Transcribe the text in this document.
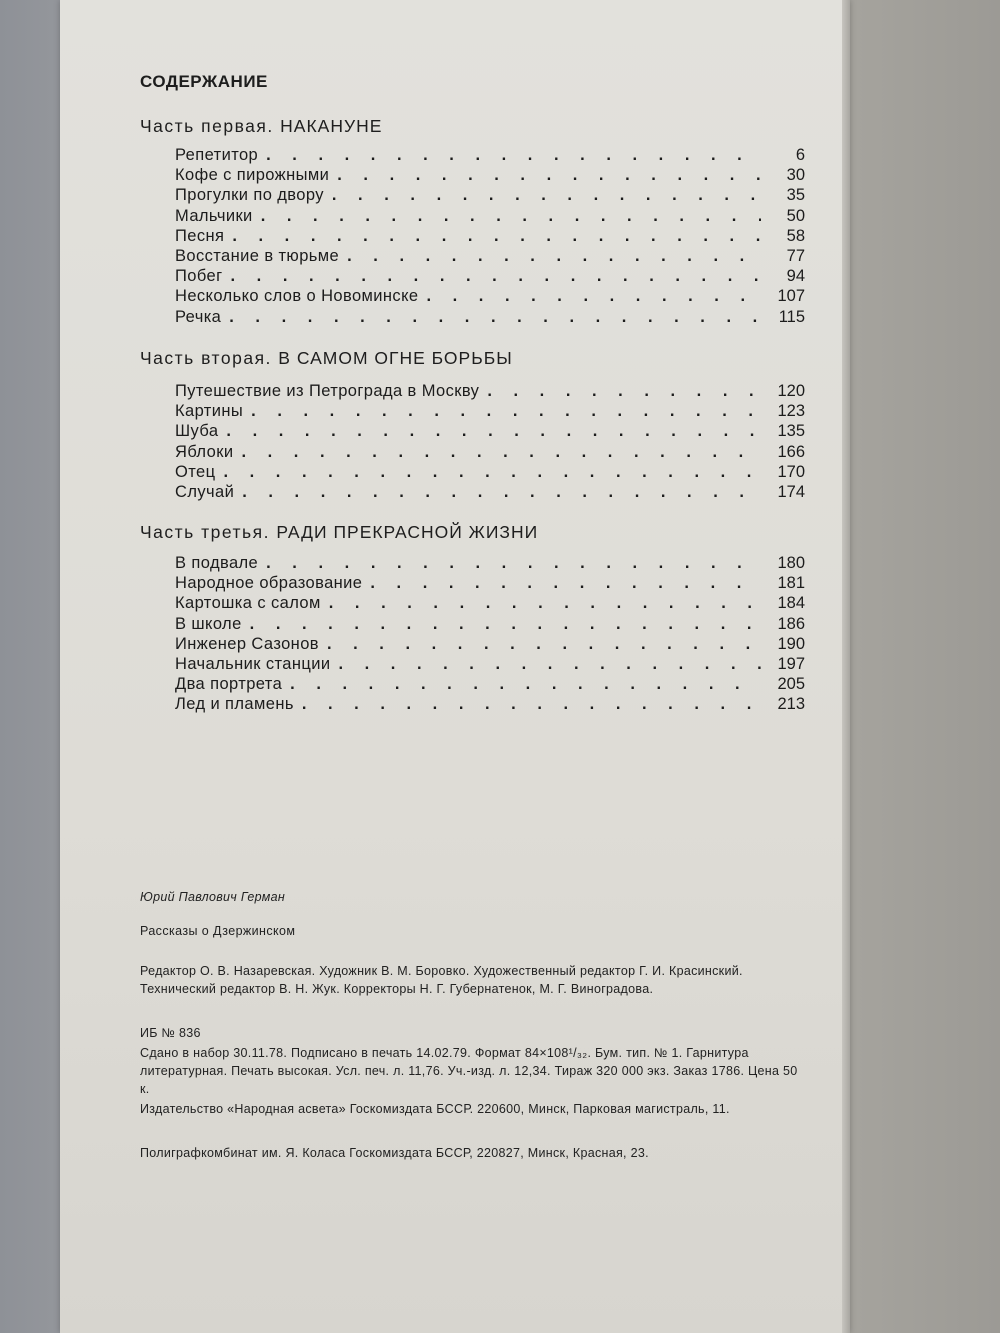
СОДЕРЖАНИЕ
Часть первая. НАКАНУНЕ
Репетитор . . .	6
Кофе с пирожными . . .	30
Прогулки по двору . . .	35
Мальчики . . .	50
Песня . . .	58
Восстание в тюрьме . . .	77
Побег . . .	94
Несколько слов о Новоминске . . .	107
Речка . . .	115
Часть вторая. В САМОМ ОГНЕ БОРЬБЫ
Путешествие из Петрограда в Москву . . .	120
Картины . . .	123
Шуба . . .	135
Яблоки . . .	166
Отец . . .	170
Случай . . .	174
Часть третья. РАДИ ПРЕКРАСНОЙ ЖИЗНИ
В подвале . . .	180
Народное образование . . .	181
Картошка с салом . . .	184
В школе . . .	186
Инженер Сазонов . . .	190
Начальник станции . . .	197
Два портрета . . .	205
Лед и пламень . . .	213
Юрий Павлович Герман
Рассказы о Дзержинском

Редактор О. В. Назаревская. Художник В. М. Боровко. Художественный редактор Г. И. Красинский. Технический редактор В. Н. Жук. Корректоры Н. Г. Губернатенок, М. Г. Виноградова.

ИБ № 836

Сдано в набор 30.11.78. Подписано в печать 14.02.79. Формат 84×108¹/₃₂. Бум. тип. № 1. Гарнитура литературная. Печать высокая. Усл. печ. л. 11,76. Уч.-изд. л. 12,34. Тираж 320 000 экз. Заказ 1786. Цена 50 к.

Издательство «Народная асвета» Госкомиздата БССР. 220600, Минск, Парковая магистраль, 11.

Полиграфкомбинат им. Я. Коласа Госкомиздата БССР, 220827, Минск, Красная, 23.
